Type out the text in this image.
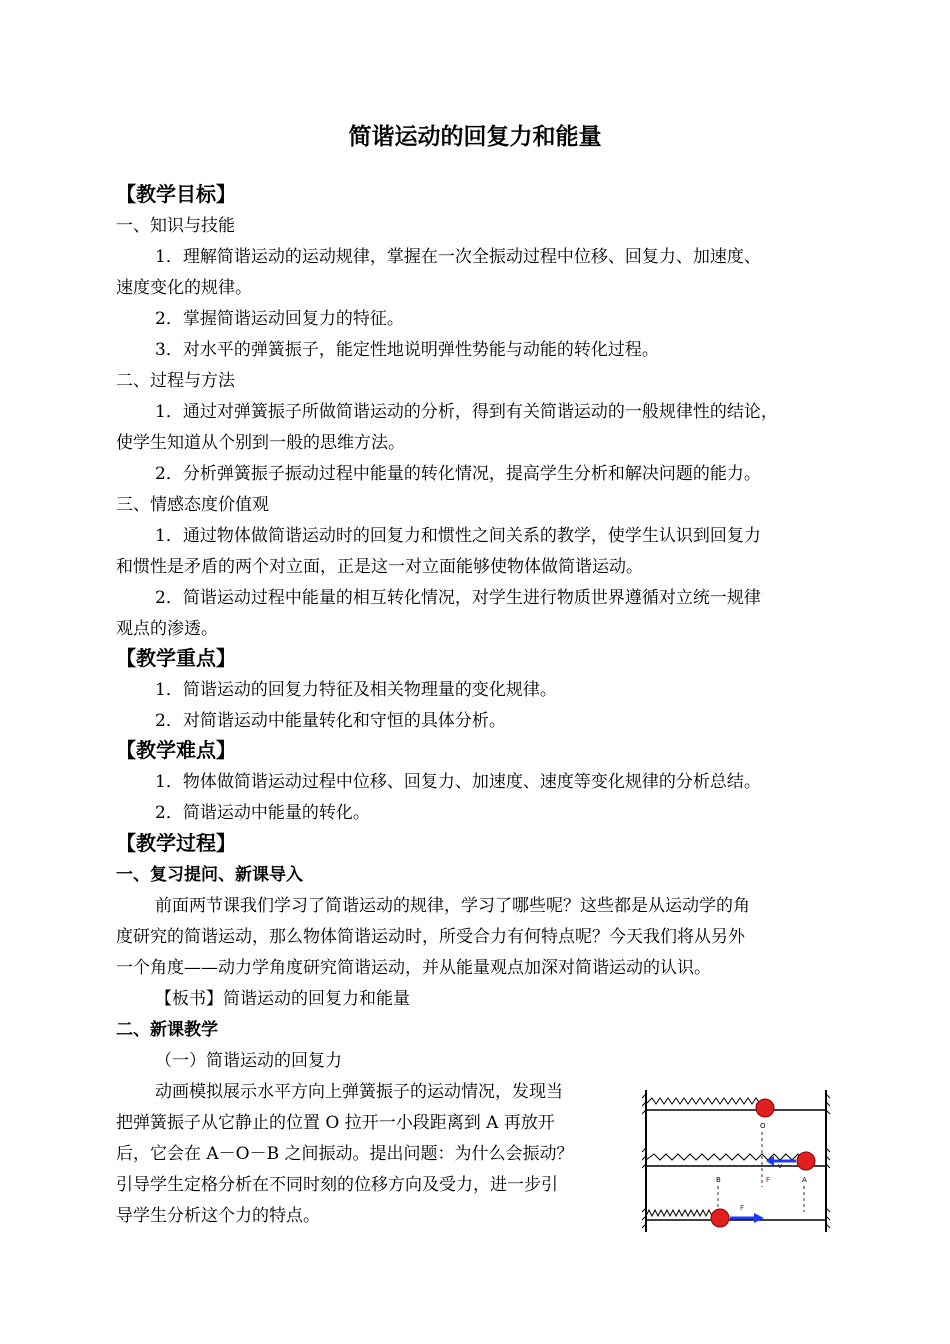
简谐运动的回复力和能量
【教学目标】
一、知识与技能
1．理解简谐运动的运动规律，掌握在一次全振动过程中位移、回复力、加速度、
速度变化的规律。
2．掌握简谐运动回复力的特征。
3．对水平的弹簧振子，能定性地说明弹性势能与动能的转化过程。
二、过程与方法
1．通过对弹簧振子所做简谐运动的分析，得到有关简谐运动的一般规律性的结论，
使学生知道从个别到一般的思维方法。
2．分析弹簧振子振动过程中能量的转化情况，提高学生分析和解决问题的能力。
三、情感态度价值观
1．通过物体做简谐运动时的回复力和惯性之间关系的教学，使学生认识到回复力
和惯性是矛盾的两个对立面，正是这一对立面能够使物体做简谐运动。
2．简谐运动过程中能量的相互转化情况，对学生进行物质世界遵循对立统一规律
观点的渗透。
【教学重点】
1．简谐运动的回复力特征及相关物理量的变化规律。
2．对简谐运动中能量转化和守恒的具体分析。
【教学难点】
1．物体做简谐运动过程中位移、回复力、加速度、速度等变化规律的分析总结。
2．简谐运动中能量的转化。
【教学过程】
一、复习提问、新课导入
前面两节课我们学习了简谐运动的规律，学习了哪些呢？这些都是从运动学的角
度研究的简谐运动，那么物体简谐运动时，所受合力有何特点呢？今天我们将从另外
一个角度——动力学角度研究简谐运动，并从能量观点加深对简谐运动的认识。
【板书】简谐运动的回复力和能量
二、新课教学
（一）简谐运动的回复力
动画模拟展示水平方向上弹簧振子的运动情况，发现当
把弹簧振子从它静止的位置 O 拉开一小段距离到 A 再放开
后，它会在 A－O－B 之间振动。提出问题：为什么会振动？
引导学生定格分析在不同时刻的位移方向及受力，进一步引
导学生分析这个力的特点。
O
v
F	A
F
B
